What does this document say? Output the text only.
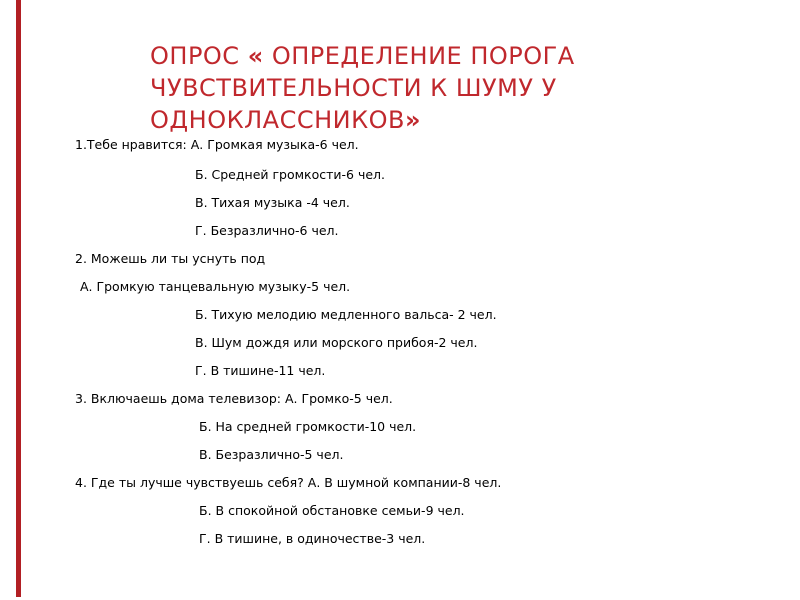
ОПРОС « ОПРЕДЕЛЕНИЕ ПОРОГА ЧУВСТВИТЕЛЬНОСТИ К ШУМУ У ОДНОКЛАССНИКОВ»
1.Тебе нравится: А. Громкая музыка-6 чел.
Б. Средней громкости-6 чел.
В. Тихая музыка -4 чел.
Г. Безразлично-6 чел.
2. Можешь ли ты уснуть под
А. Громкую танцевальную музыку-5 чел.
Б. Тихую мелодию медленного вальса- 2 чел.
В. Шум дождя или морского прибоя-2 чел.
Г. В тишине-11 чел.
3. Включаешь дома телевизор: А. Громко-5 чел.
Б. На средней громкости-10 чел.
В. Безразлично-5 чел.
4. Где ты лучше чувствуешь себя? А. В шумной компании-8 чел.
Б. В спокойной обстановке семьи-9 чел.
Г. В тишине, в одиночестве-3 чел.
